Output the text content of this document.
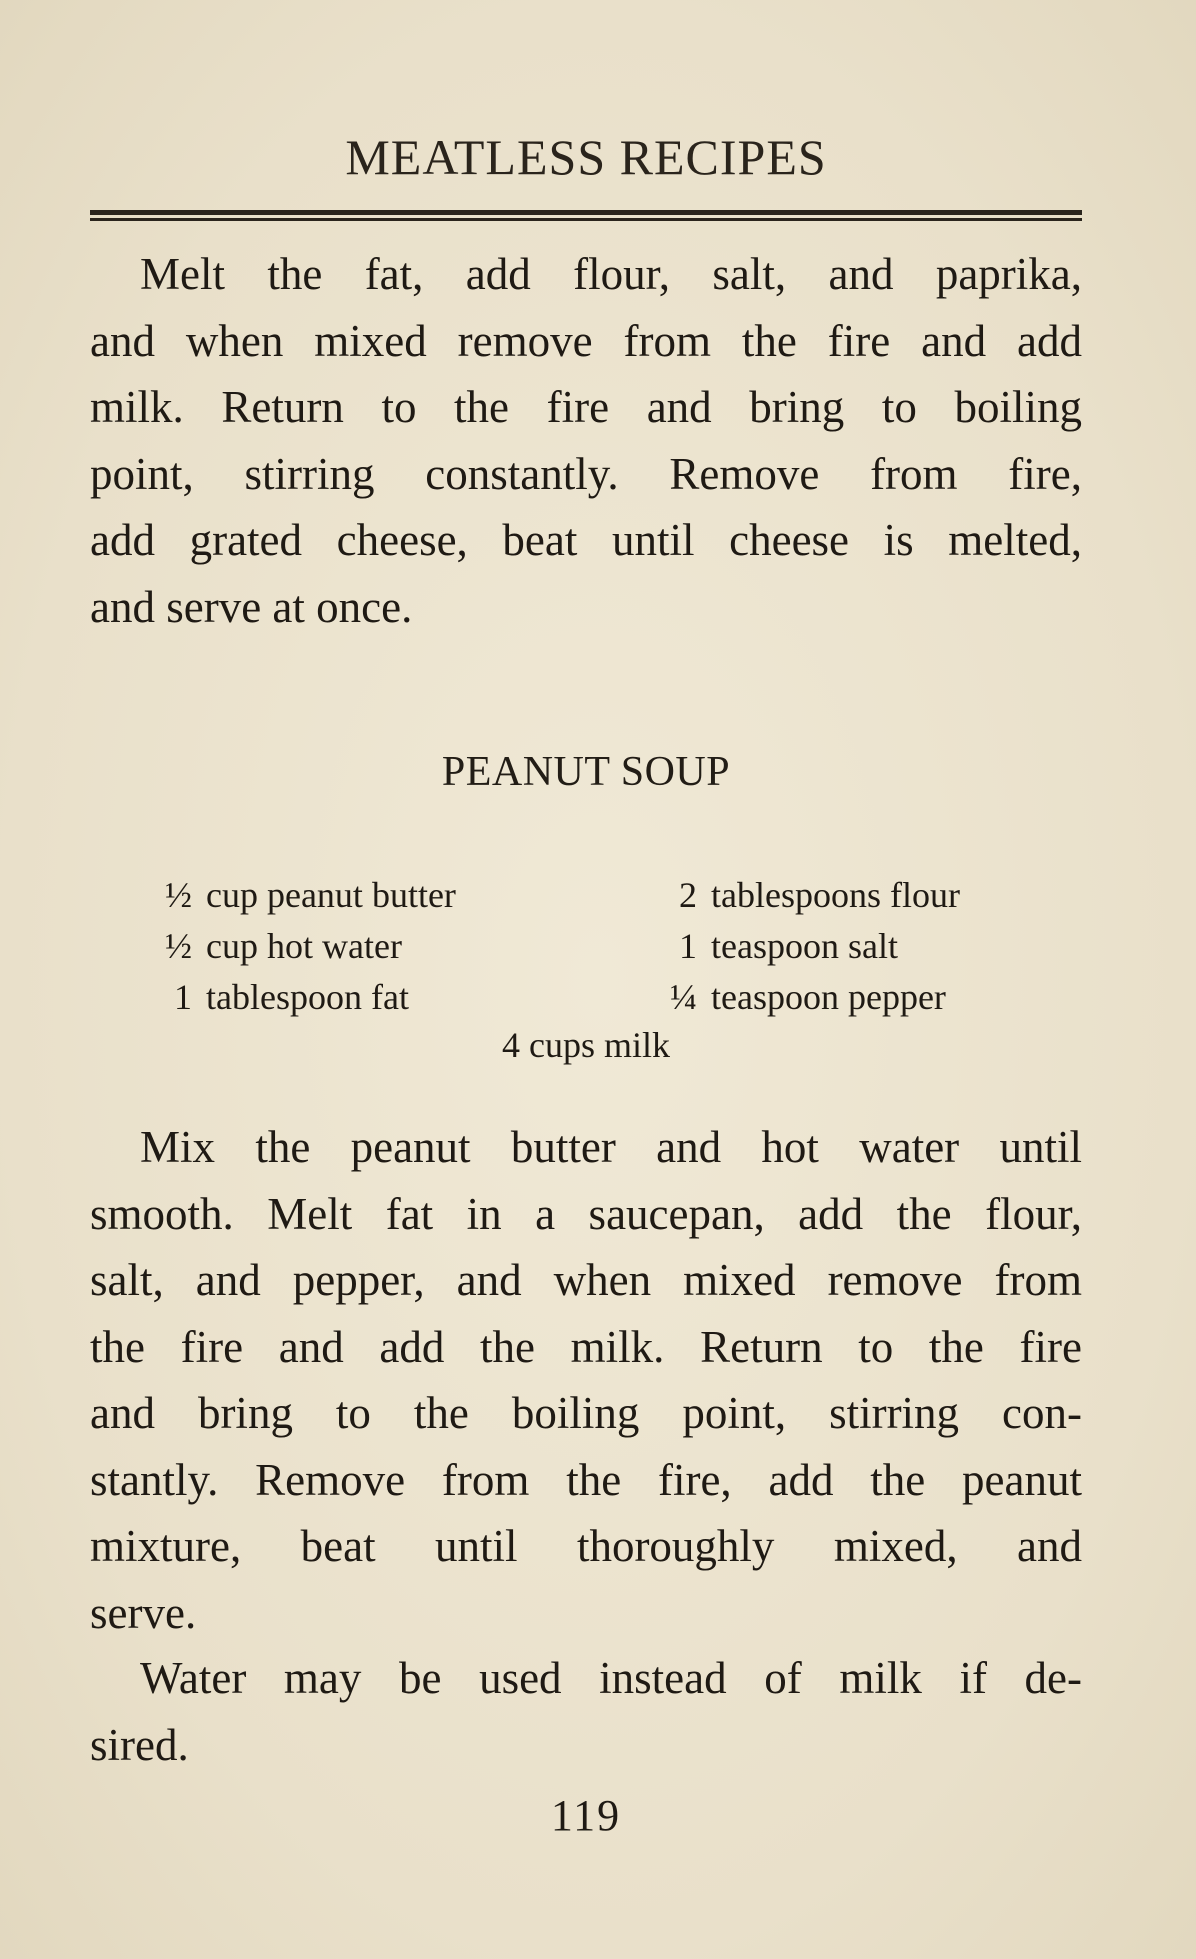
MEATLESS RECIPES
Melt the fat, add flour, salt, and paprika,
and when mixed remove from the fire and add
milk. Return to the fire and bring to boiling
point, stirring constantly. Remove from fire,
add grated cheese, beat until cheese is melted,
and serve at once.
PEANUT SOUP
½ cup peanut butter
½ cup hot water
1 tablespoon fat
2 tablespoons flour
1 teaspoon salt
¼ teaspoon pepper
4 cups milk
Mix the peanut butter and hot water until
smooth. Melt fat in a saucepan, add the flour,
salt, and pepper, and when mixed remove from
the fire and add the milk. Return to the fire
and bring to the boiling point, stirring con-
stantly. Remove from the fire, add the peanut
mixture, beat until thoroughly mixed, and
serve.
Water may be used instead of milk if de-
sired.
119
